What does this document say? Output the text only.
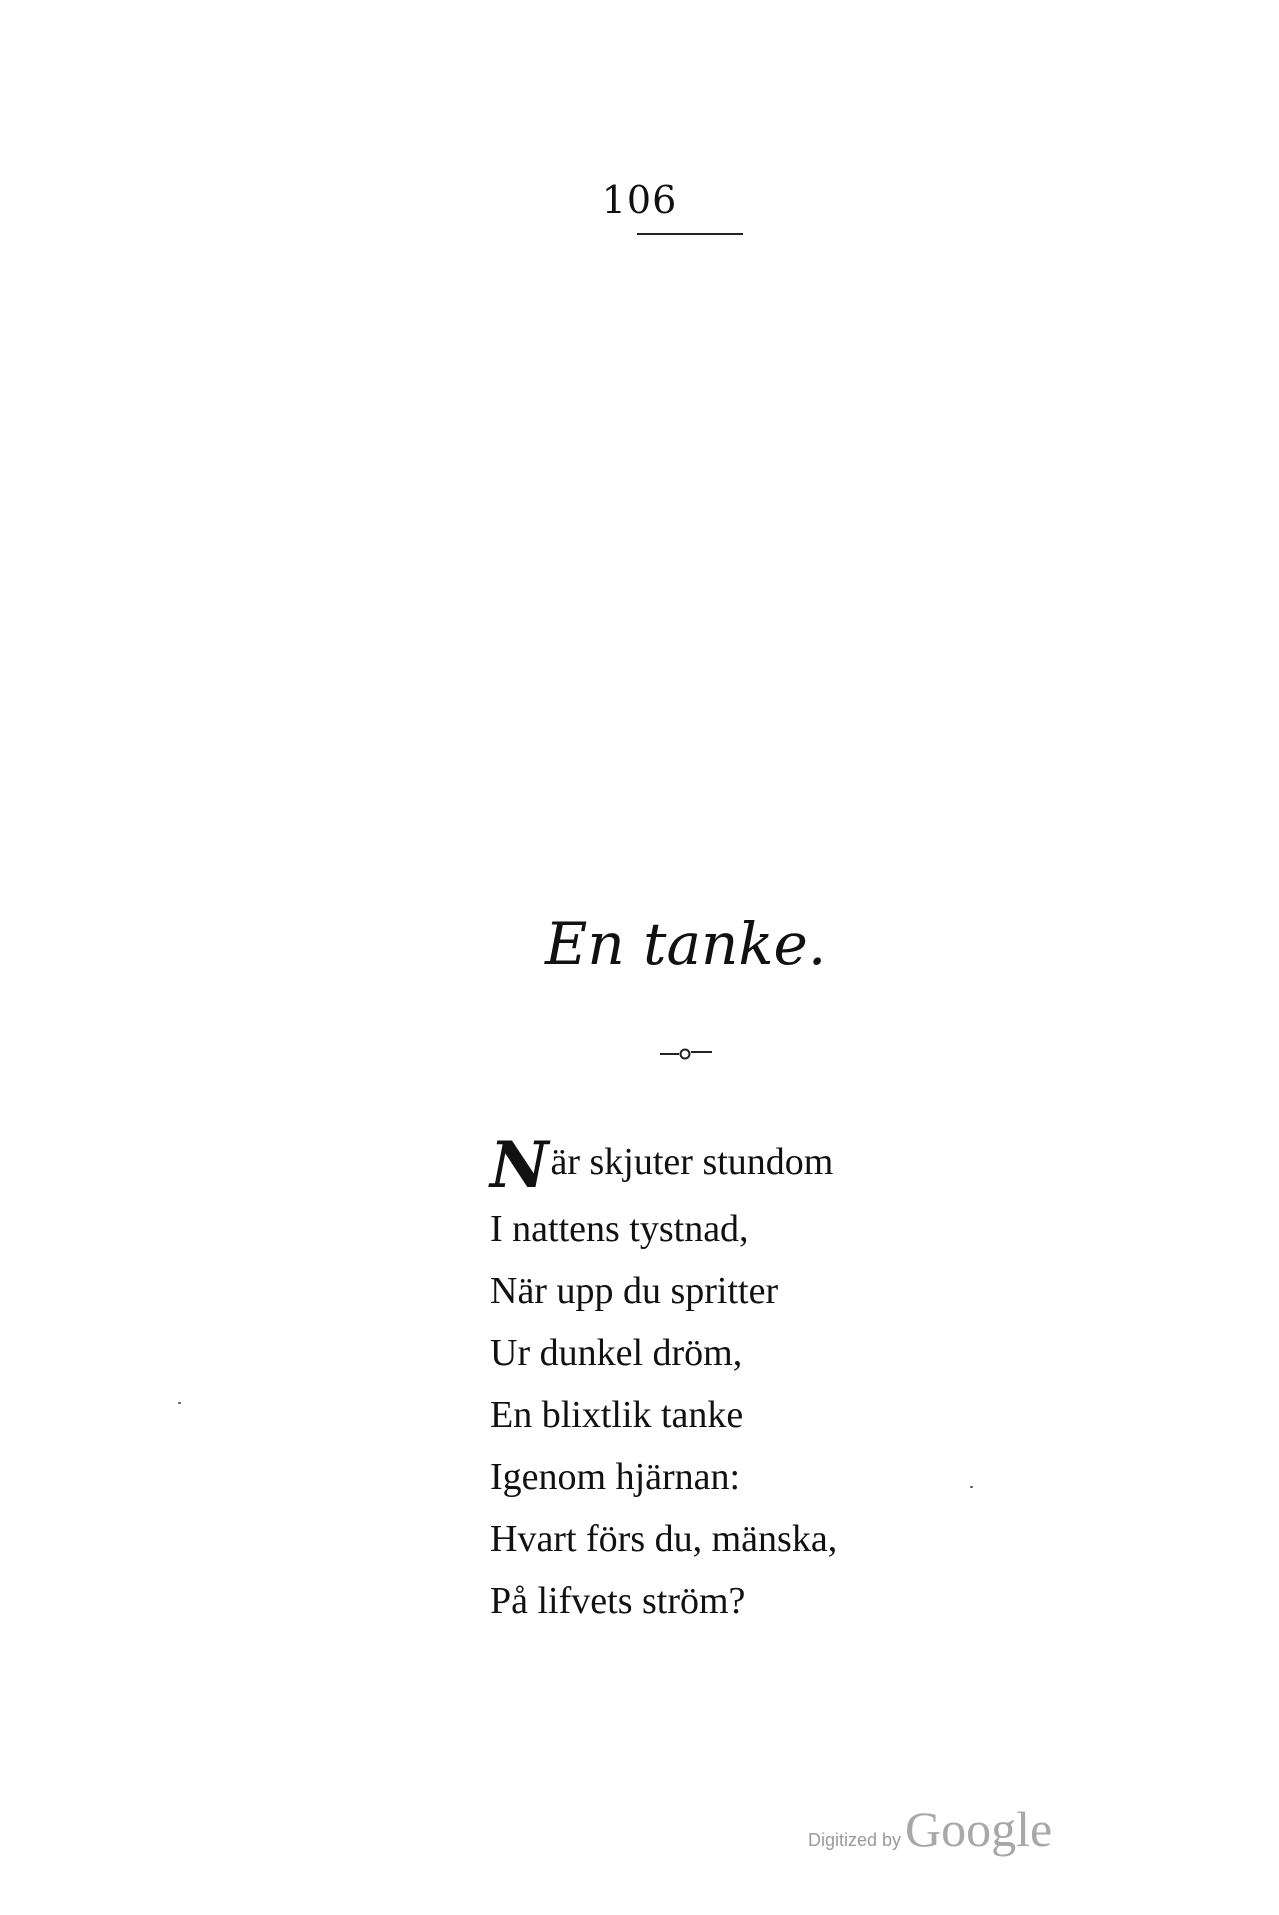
106
En tanke.
När skjuter stundom
I nattens tystnad,
När upp du spritter
Ur dunkel dröm,
En blixtlik tanke
Igenom hjärnan:
Hvart förs du, mänska,
På lifvets ström?
Digitized byGoogle
